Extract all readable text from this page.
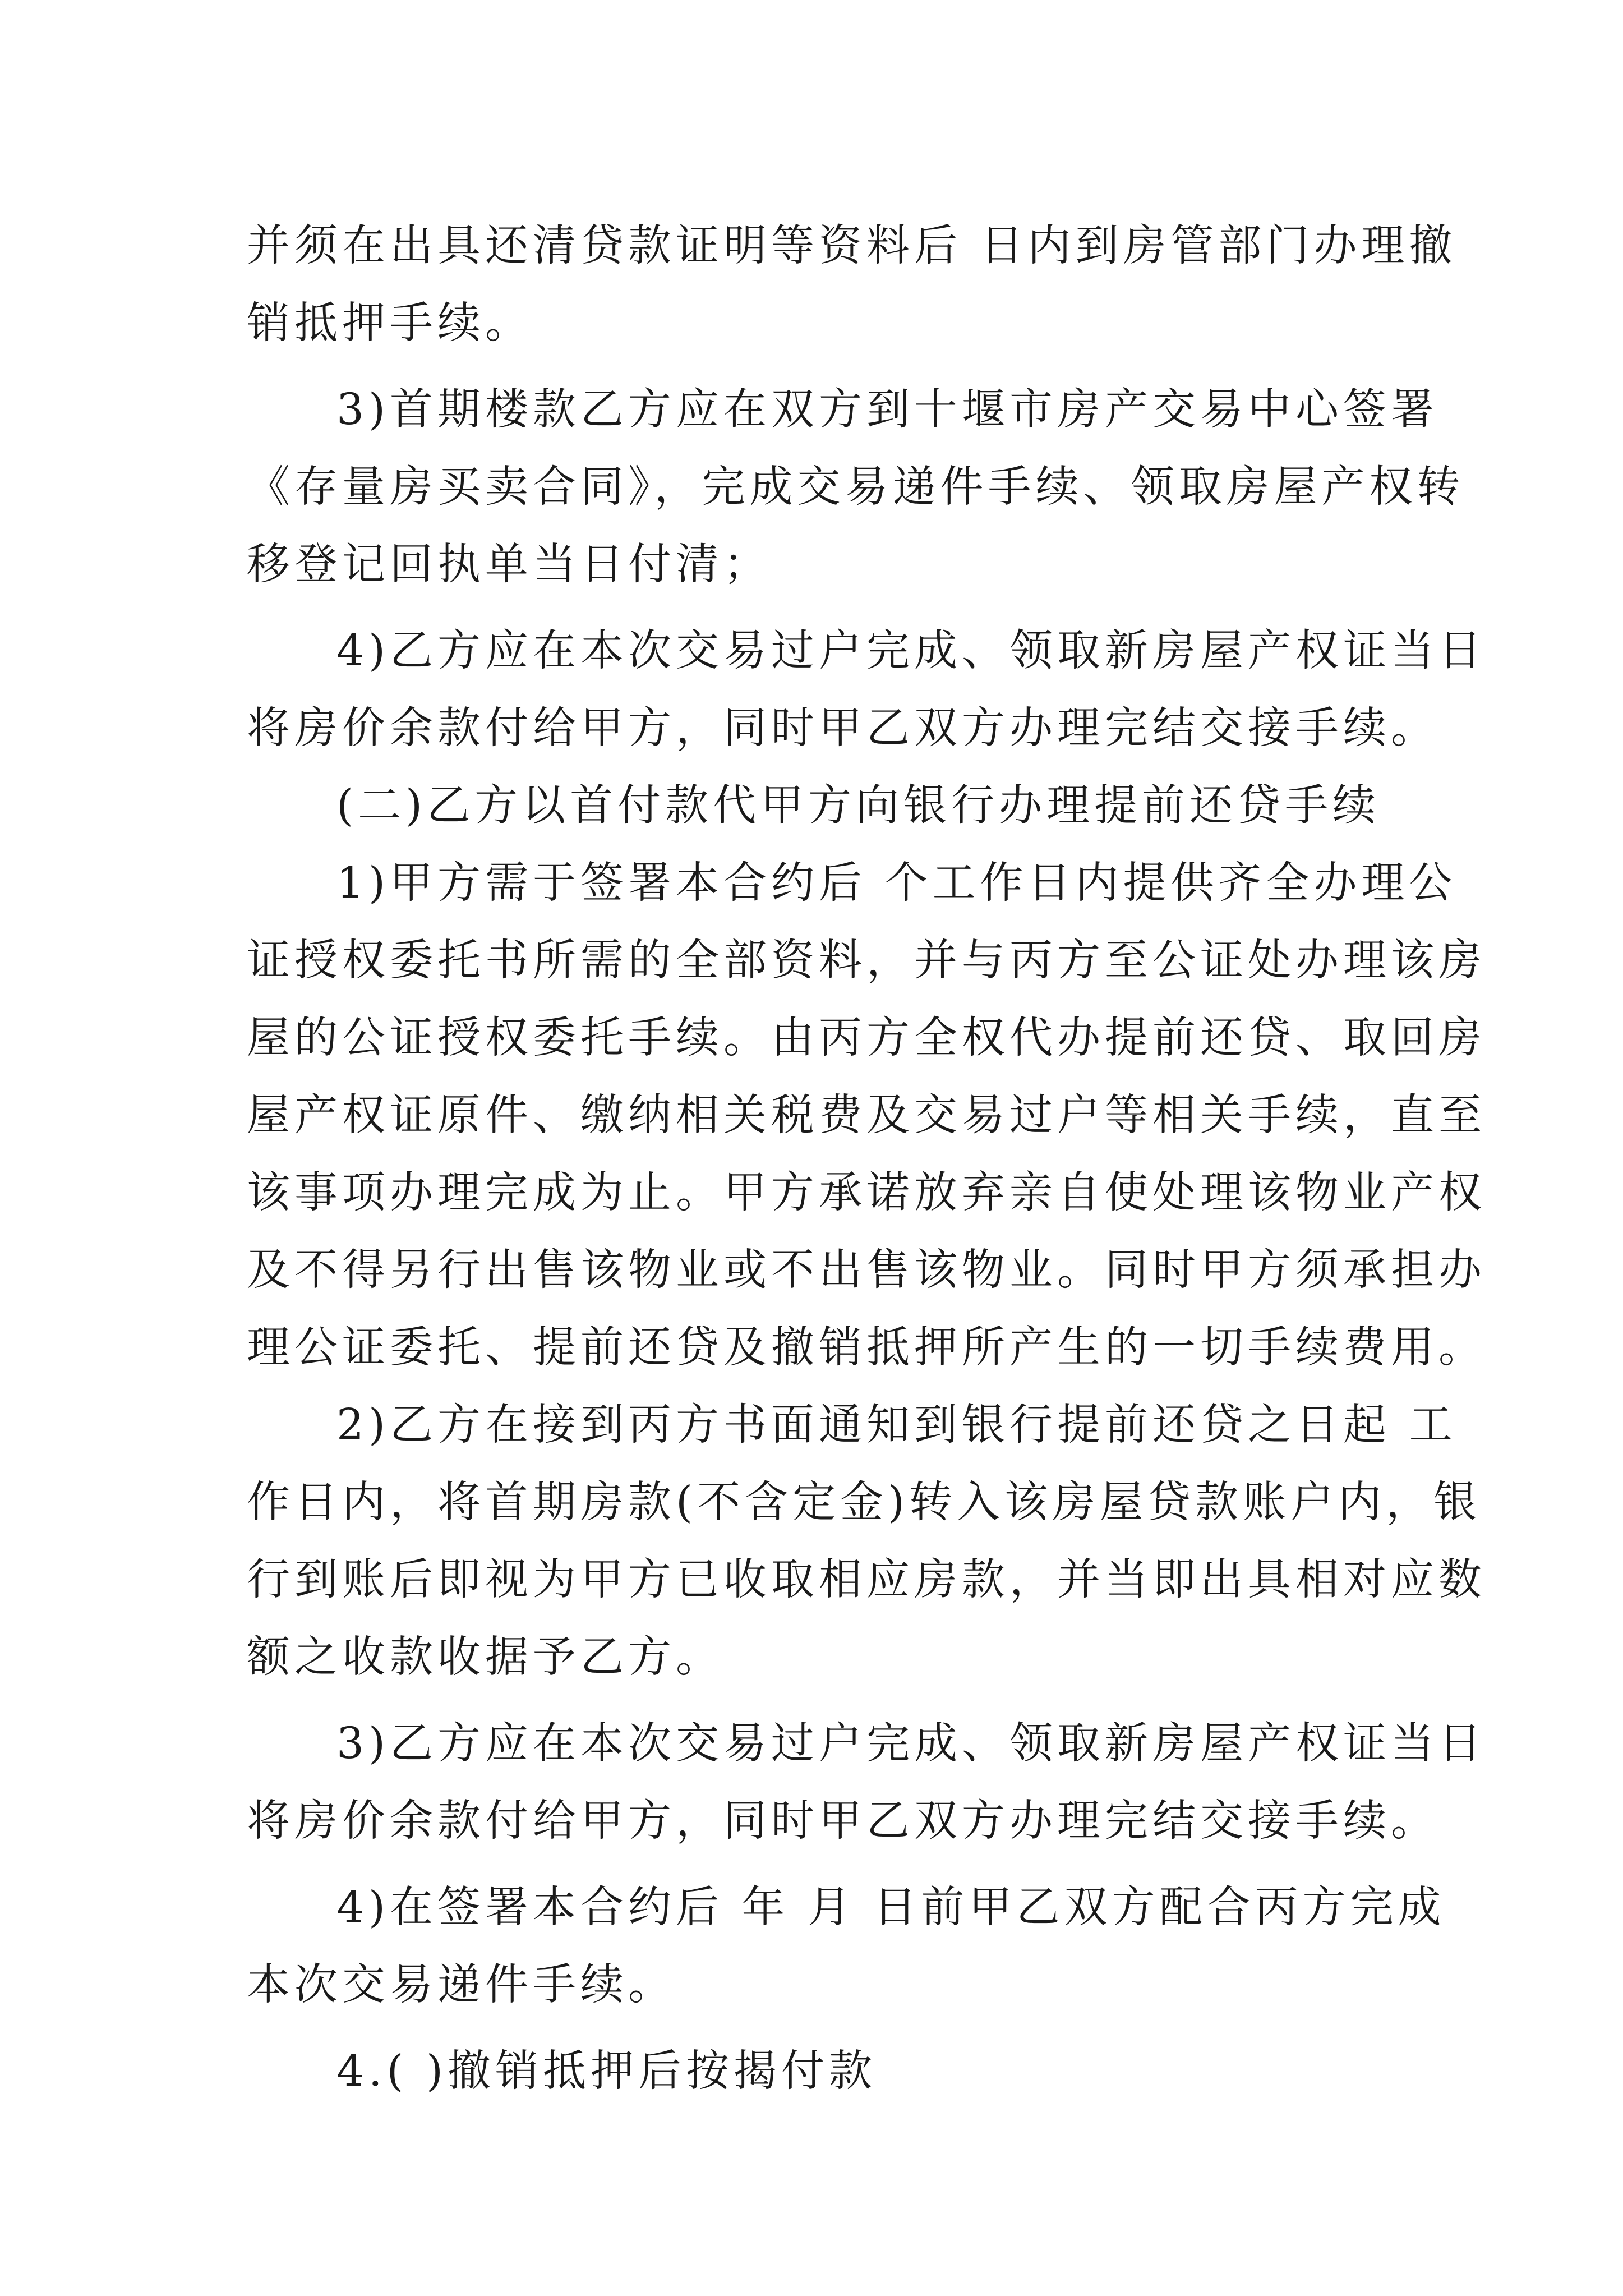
并须在出具还清贷款证明等资料后 日内到房管部门办理撤
销抵押手续。
3)首期楼款乙方应在双方到十堰市房产交易中心签署
《存量房买卖合同》，完成交易递件手续、领取房屋产权转
移登记回执单当日付清；
4)乙方应在本次交易过户完成、领取新房屋产权证当日
将房价余款付给甲方，同时甲乙双方办理完结交接手续。
(二)乙方以首付款代甲方向银行办理提前还贷手续
1)甲方需于签署本合约后 个工作日内提供齐全办理公
证授权委托书所需的全部资料，并与丙方至公证处办理该房
屋的公证授权委托手续。由丙方全权代办提前还贷、取回房
屋产权证原件、缴纳相关税费及交易过户等相关手续，直至
该事项办理完成为止。甲方承诺放弃亲自使处理该物业产权
及不得另行出售该物业或不出售该物业。同时甲方须承担办
理公证委托、提前还贷及撤销抵押所产生的一切手续费用。
2)乙方在接到丙方书面通知到银行提前还贷之日起 工
作日内，将首期房款(不含定金)转入该房屋贷款账户内，银
行到账后即视为甲方已收取相应房款，并当即出具相对应数
额之收款收据予乙方。
3)乙方应在本次交易过户完成、领取新房屋产权证当日
将房价余款付给甲方，同时甲乙双方办理完结交接手续。
4)在签署本合约后 年 月 日前甲乙双方配合丙方完成
本次交易递件手续。
4.( )撤销抵押后按揭付款
